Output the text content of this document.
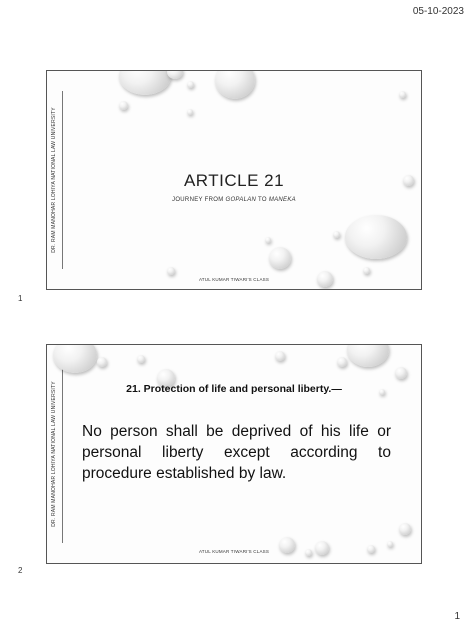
05-10-2023
DR. RAM MANOHAR LOHIYA NATIONAL LAW UNIVERSITY	ARTICLE 21
JOURNEY FROM GOPALAN TO MANEKA
ATUL KUMAR TIWARI'S CLASS
1
DR. RAM MANOHAR LOHIYA NATIONAL LAW UNIVERSITY	21. Protection of life and personal liberty.—
No person shall be deprived of his life or personal liberty except according to procedure established by law.
ATUL KUMAR TIWARI'S CLASS
2
1
